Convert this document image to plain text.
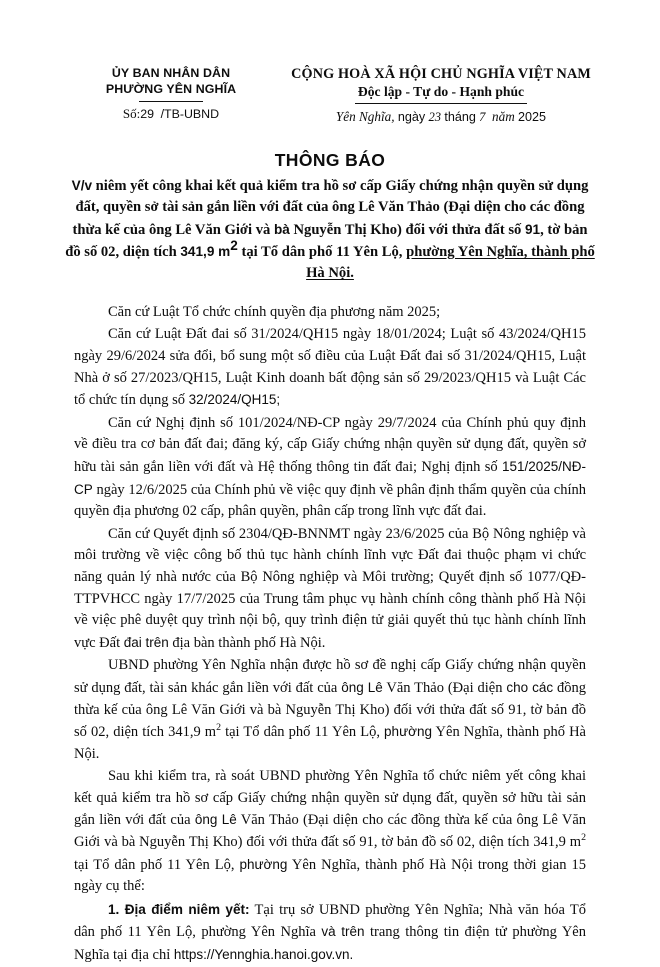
ỦY BAN NHÂN DÂN
PHƯỜNG YÊN NGHĨA
Số:29 /TB-UBND
CỘNG HOÀ XÃ HỘI CHỦ NGHĨA VIỆT NAM
Độc lập - Tự do - Hạnh phúc
Yên Nghĩa, ngày 23 tháng 7 năm 2025
THÔNG BÁO
V/v niêm yết công khai kết quả kiểm tra hồ sơ cấp Giấy chứng nhận quyền sử dụng đất, quyền sở tài sản gắn liền với đất của ông Lê Văn Thảo (Đại diện cho các đồng thừa kế của ông Lê Văn Giới và bà Nguyễn Thị Kho) đối với thửa đất số 91, tờ bản đồ số 02, diện tích 341,9 $m^2$ tại Tổ dân phố 11 Yên Lộ, phường Yên Nghĩa, thành phố Hà Nội.

Căn cứ Luật Tổ chức chính quyền địa phương năm 2025;

Căn cứ Luật Đất đai số 31/2024/QH15 ngày 18/01/2024; Luật số 43/2024/QH15 ngày 29/6/2024 sửa đổi, bổ sung một số điều của Luật Đất đai số 31/2024/QH15, Luật Nhà ở số 27/2023/QH15, Luật Kinh doanh bất động sản số 29/2023/QH15 và Luật Các tổ chức tín dụng số 32/2024/QH15;

Căn cứ Nghị định số 101/2024/NĐ-CP ngày 29/7/2024 của Chính phủ quy định về điều tra cơ bản đất đai; đăng ký, cấp Giấy chứng nhận quyền sử dụng đất, quyền sở hữu tài sản gắn liền với đất và Hệ thống thông tin đất đai; Nghị định số 151/2025/NĐ-CP ngày 12/6/2025 của Chính phủ về việc quy định về phân định thẩm quyền của chính quyền địa phương 02 cấp, phân quyền, phân cấp trong lĩnh vực đất đai.

Căn cứ Quyết định số 2304/QĐ-BNNMT ngày 23/6/2025 của Bộ Nông nghiệp và môi trường về việc công bố thủ tục hành chính lĩnh vực Đất đai thuộc phạm vi chức năng quản lý nhà nước của Bộ Nông nghiệp và Môi trường; Quyết định số 1077/QĐ-TTPVHCC ngày 17/7/2025 của Trung tâm phục vụ hành chính công thành phố Hà Nội về việc phê duyệt quy trình nội bộ, quy trình điện tử giải quyết thủ tục hành chính lĩnh vực Đất đai trên địa bàn thành phố Hà Nội.

UBND phường Yên Nghĩa nhận được hồ sơ đề nghị cấp Giấy chứng nhận quyền sử dụng đất, tài sản khác gắn liền với đất của ông Lê Văn Thảo (Đại diện cho các đồng thừa kế của ông Lê Văn Giới và bà Nguyễn Thị Kho) đối với thửa đất số 91, tờ bản đồ số 02, diện tích 341,9 $m^2$ tại Tổ dân phố 11 Yên Lộ, phường Yên Nghĩa, thành phố Hà Nội.

Sau khi kiểm tra, rà soát UBND phường Yên Nghĩa tổ chức niêm yết công khai kết quả kiểm tra hồ sơ cấp Giấy chứng nhận quyền sử dụng đất, quyền sở hữu tài sản gắn liền với đất của ông Lê Văn Thảo (Đại diện cho các đồng thừa kế của ông Lê Văn Giới và bà Nguyễn Thị Kho) đối với thửa đất số 91, tờ bản đồ số 02, diện tích 341,9 $m^2$ tại Tổ dân phố 11 Yên Lộ, phường Yên Nghĩa, thành phố Hà Nội trong thời gian 15 ngày cụ thể:

1. Địa điểm niêm yết: Tại trụ sở UBND phường Yên Nghĩa; Nhà văn hóa Tổ dân phố 11 Yên Lộ, phường Yên Nghĩa và trên trang thông tin điện tử phường Yên Nghĩa tại địa chỉ https://Yennghia.hanoi.gov.vn.
